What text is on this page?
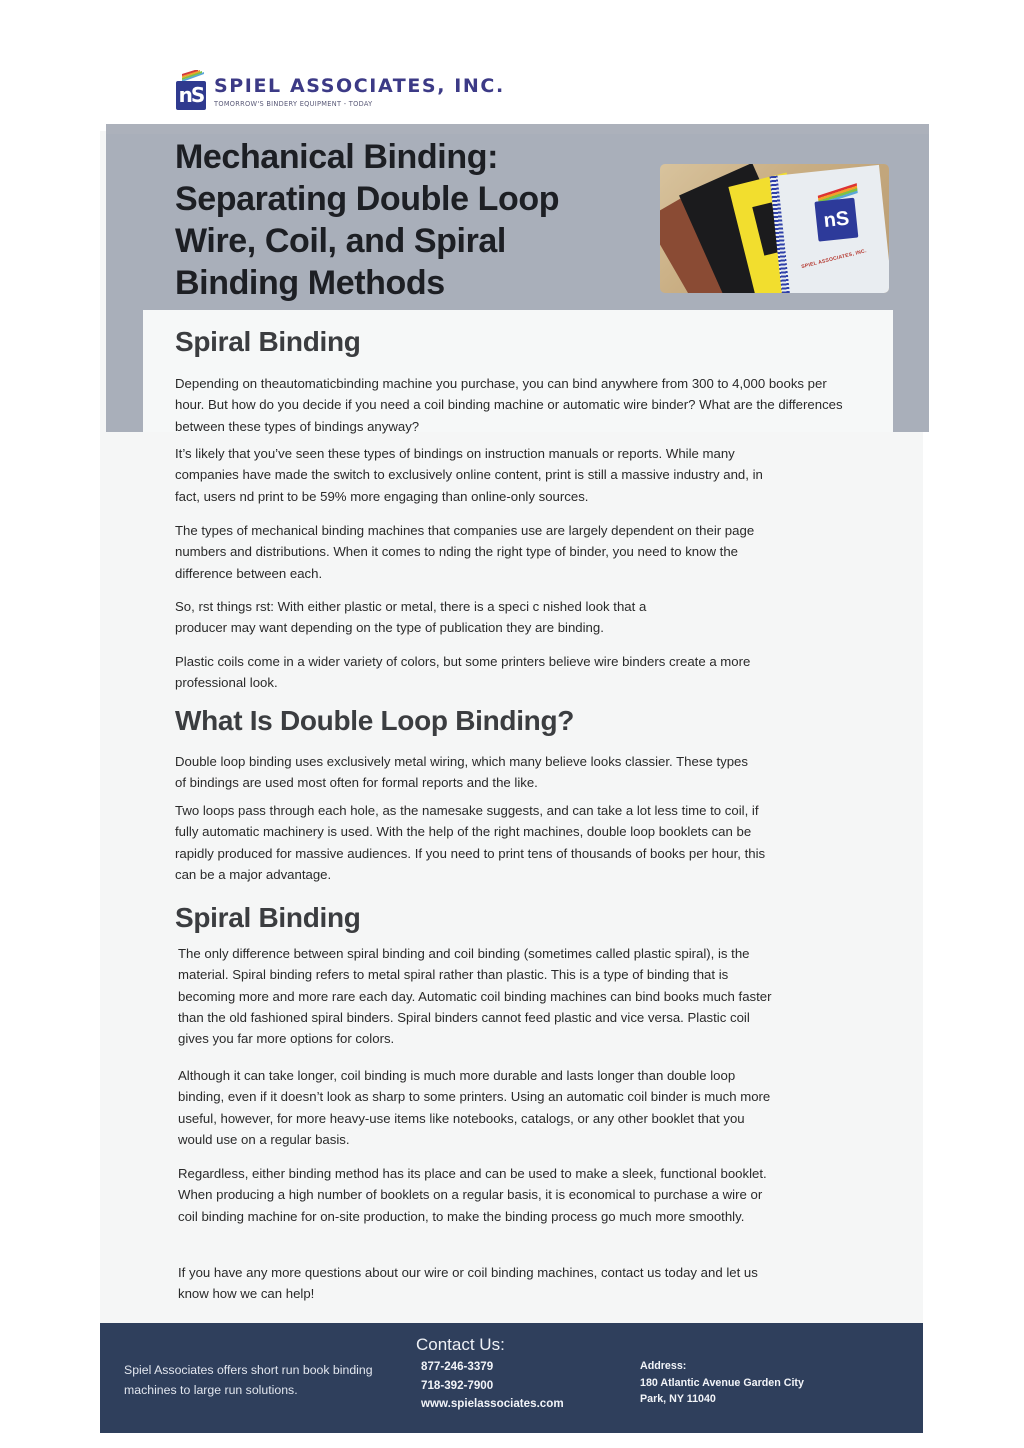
nS SPIEL ASSOCIATES, INC.
TOMORROW'S BINDERY EQUIPMENT - TODAY
Mechanical Binding: Separating Double Loop Wire, Coil, and Spiral Binding Methods
nS
SPIEL ASSOCIATES, INC.
Spiral Binding

Depending on theautomaticbinding machine you purchase, you can bind anywhere from 300 to 4,000 books per hour. But how do you decide if you need a coil binding machine or automatic wire binder? What are the differences between these types of bindings anyway?

It’s likely that you’ve seen these types of bindings on instruction manuals or reports. While many companies have made the switch to exclusively online content, print is still a massive industry and, in fact, users nd print to be 59% more engaging than online-only sources.

The types of mechanical binding machines that companies use are largely dependent on their page numbers and distributions. When it comes to nding the right type of binder, you need to know the difference between each.

So, rst things rst: With either plastic or metal, there is a speci c nished look that a producer may want depending on the type of publication they are binding.

Plastic coils come in a wider variety of colors, but some printers believe wire binders create a more professional look.

What Is Double Loop Binding?

Double loop binding uses exclusively metal wiring, which many believe looks classier. These types of bindings are used most often for formal reports and the like.

Two loops pass through each hole, as the namesake suggests, and can take a lot less time to coil, if fully automatic machinery is used. With the help of the right machines, double loop booklets can be rapidly produced for massive audiences. If you need to print tens of thousands of books per hour, this can be a major advantage.

Spiral Binding

The only difference between spiral binding and coil binding (sometimes called plastic spiral), is the material. Spiral binding refers to metal spiral rather than plastic. This is a type of binding that is becoming more and more rare each day. Automatic coil binding machines can bind books much faster than the old fashioned spiral binders. Spiral binders cannot feed plastic and vice versa. Plastic coil gives you far more options for colors.

Although it can take longer, coil binding is much more durable and lasts longer than double loop binding, even if it doesn’t look as sharp to some printers. Using an automatic coil binder is much more useful, however, for more heavy-use items like notebooks, catalogs, or any other booklet that you would use on a regular basis.

Regardless, either binding method has its place and can be used to make a sleek, functional booklet. When producing a high number of booklets on a regular basis, it is economical to purchase a wire or coil binding machine for on-site production, to make the binding process go much more smoothly.

If you have any more questions about our wire or coil binding machines, contact us today and let us know how we can help!

Spiel Associates offers short run book binding machines to large run solutions.
Contact Us:
877-246-3379
718-392-7900
www.spielassociates.com
Address:
180 Atlantic Avenue Garden City
Park, NY 11040
